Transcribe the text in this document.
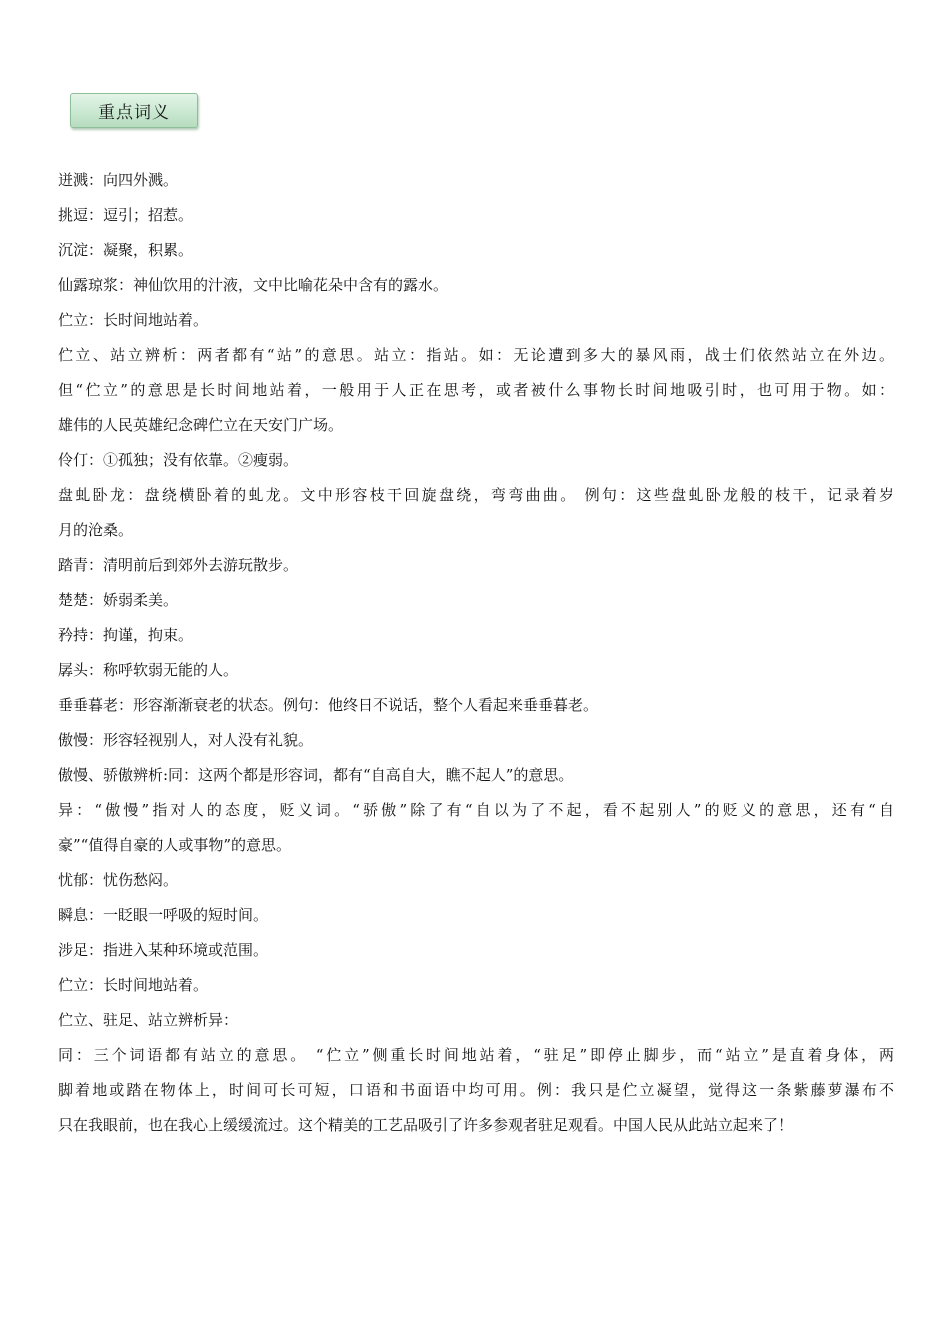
重点词义
迸溅：向四外溅。
挑逗：逗引；招惹。
沉淀：凝聚，积累。
仙露琼浆：神仙饮用的汁液，文中比喻花朵中含有的露水。
伫立：长时间地站着。
伫立、站立辨析：两者都有“站”的意思。站立：指站。如：无论遭到多大的暴风雨，战士们依然站立在外边。
但“伫立”的意思是长时间地站着，一般用于人正在思考，或者被什么事物长时间地吸引时，也可用于物。如：
雄伟的人民英雄纪念碑伫立在天安门广场。
伶仃：①孤独；没有依靠。②瘦弱。
盘虬卧龙：盘绕横卧着的虬龙。文中形容枝干回旋盘绕，弯弯曲曲。 例句：这些盘虬卧龙般的枝干，记录着岁
月的沧桑。
踏青：清明前后到郊外去游玩散步。
楚楚：娇弱柔美。
矜持：拘谨，拘束。
孱头：称呼软弱无能的人。
垂垂暮老：形容渐渐衰老的状态。例句：他终日不说话，整个人看起来垂垂暮老。
傲慢：形容轻视别人，对人没有礼貌。
傲慢、骄傲辨析:同：这两个都是形容词，都有“自高自大，瞧不起人”的意思。
异：“傲慢”指对人的态度，贬义词。“骄傲”除了有“自以为了不起，看不起别人”的贬义的意思，还有“自
豪”“值得自豪的人或事物”的意思。
忧郁：忧伤愁闷。
瞬息：一眨眼一呼吸的短时间。
涉足：指进入某种环境或范围。
伫立：长时间地站着。
伫立、驻足、站立辨析异：
同：三个词语都有站立的意思。 “伫立”侧重长时间地站着，“驻足”即停止脚步，而“站立”是直着身体，两
脚着地或踏在物体上，时间可长可短，口语和书面语中均可用。例：我只是伫立凝望，觉得这一条紫藤萝瀑布不
只在我眼前，也在我心上缓缓流过。这个精美的工艺品吸引了许多参观者驻足观看。中国人民从此站立起来了！
